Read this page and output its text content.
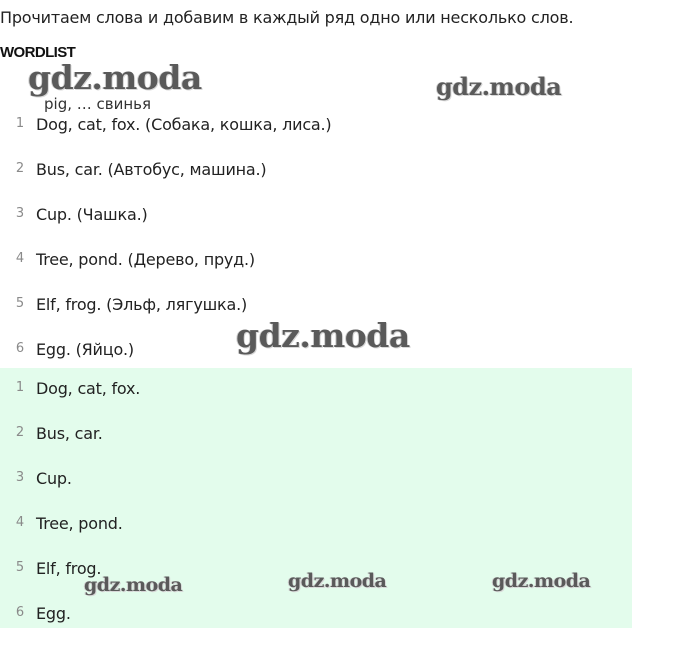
Прочитаем слова и добавим в каждый ряд одно или несколько слов.
WORDLIST
pig, … свинья
1 Dog, cat, fox. (Собака, кошка, лиса.)
2 Bus, car. (Автобус, машина.)
3 Cup. (Чашка.)
4 Tree, pond. (Дерево, пруд.)
5 Elf, frog. (Эльф, лягушка.)
6 Egg. (Яйцо.)
1 Dog, cat, fox.
2 Bus, car.
3 Cup.
4 Tree, pond.
5 Elf, frog.
6 Egg.
gdz.moda	gdz.moda
gdz.moda
gdz.moda	gdz.moda	gdz.moda
